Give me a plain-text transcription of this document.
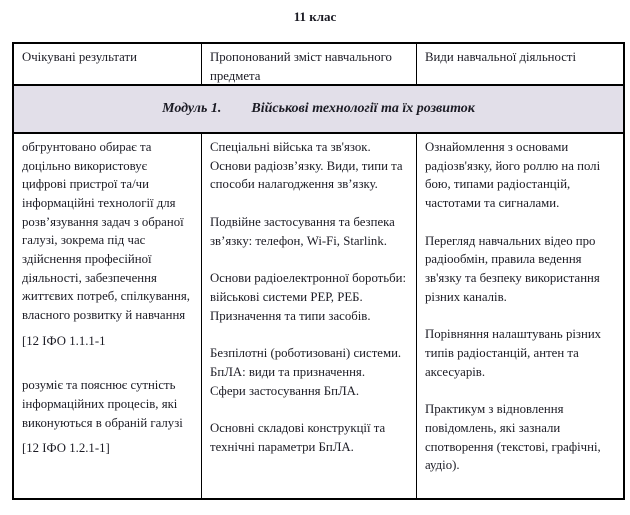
11 клас
Очікувані результати	Пропонований зміст навчального предмета
Види навчальної діяльності
Модуль 1. Військові технології та їх розвиток

обгрунтовано обирає та доцільно використовує цифрові пристрої та/чи інформаційні технології для розв’язування задач з обраної галузі, зокрема під час здійснення професійної діяльності, забезпечення життєвих потреб, спілкування, власного розвитку й навчання

[12 ІФО 1.1.1-1

розуміє та пояснює сутність інформаційних процесів, які виконуються в обраній галузі

[12 ІФО 1.2.1-1]

Спеціальні війська та зв'язок. Основи радіозв’язку. Види, типи та способи налагодження зв’язку.

Подвійне застосування та безпека зв’язку: телефон, Wi-Fi, Starlink.

Основи радіоелектронної боротьби: військові системи РЕР, РЕБ. Призначення та типи засобів.

Безпілотні (роботизовані) системи.

БпЛА: види та призначення.

Сфери застосування БпЛА.

Основні складові конструкції та технічні параметри БпЛА.

Ознайомлення з основами радіозв'язку, його роллю на полі бою, типами радіостанцій, частотами та сигналами.

Перегляд навчальних відео про радіообмін, правила ведення зв'язку та безпеку використання різних каналів.

Порівняння налаштувань різних типів радіостанцій, антен та аксесуарів.

Практикум з відновлення повідомлень, які зазнали спотворення (текстові, графічні, аудіо).
